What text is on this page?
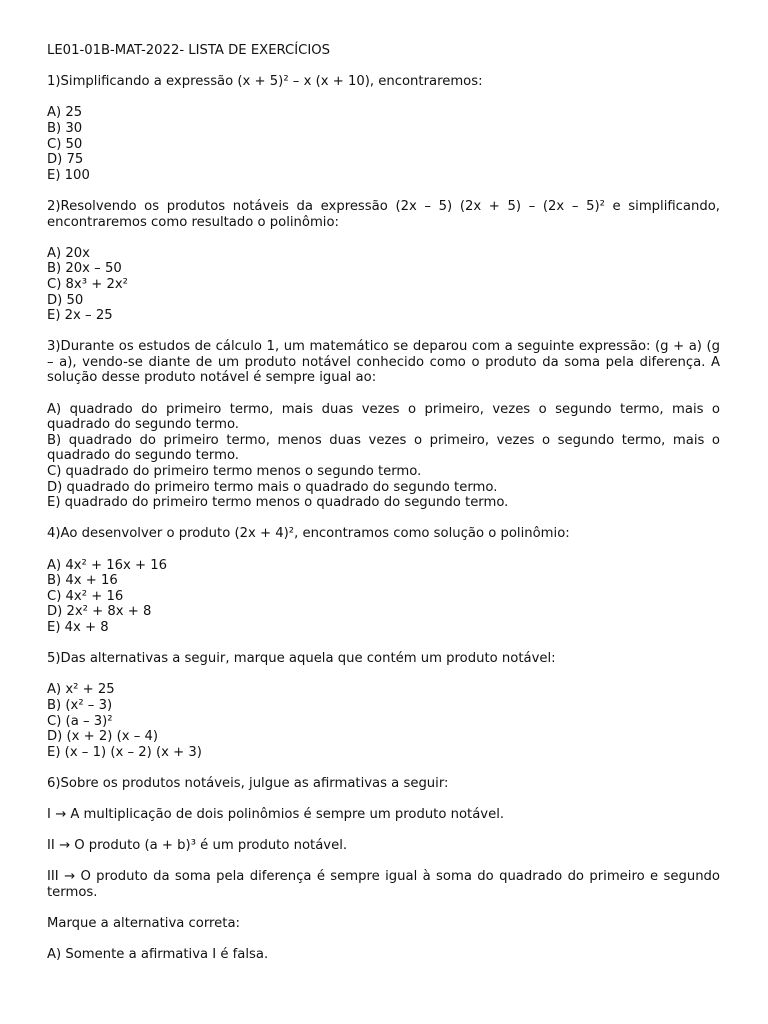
LE01-01B-MAT-2022- LISTA DE EXERCÍCIOS

1)Simplificando a expressão (x + 5)² – x (x + 10), encontraremos:

A) 25
B) 30
C) 50
D) 75
E) 100

2)Resolvendo os produtos notáveis da expressão (2x – 5) (2x + 5) – (2x – 5)² e simplificando, encontraremos como resultado o polinômio:

A) 20x
B) 20x – 50
C) 8x³ + 2x²
D) 50
E) 2x – 25

3)Durante os estudos de cálculo 1, um matemático se deparou com a seguinte expressão: (g + a) (g – a), vendo-se diante de um produto notável conhecido como o produto da soma pela diferença. A solução desse produto notável é sempre igual ao:

A) quadrado do primeiro termo, mais duas vezes o primeiro, vezes o segundo termo, mais o quadrado do segundo termo.
B) quadrado do primeiro termo, menos duas vezes o primeiro, vezes o segundo termo, mais o quadrado do segundo termo.
C) quadrado do primeiro termo menos o segundo termo.
D) quadrado do primeiro termo mais o quadrado do segundo termo.
E) quadrado do primeiro termo menos o quadrado do segundo termo.

4)Ao desenvolver o produto (2x + 4)², encontramos como solução o polinômio:

A) 4x² + 16x + 16
B) 4x + 16
C) 4x² + 16
D) 2x² + 8x + 8
E) 4x + 8

5)Das alternativas a seguir, marque aquela que contém um produto notável:

A) x² + 25
B) (x² – 3)
C) (a – 3)²
D) (x + 2) (x – 4)
E) (x – 1) (x – 2) (x + 3)

6)Sobre os produtos notáveis, julgue as afirmativas a seguir:

I → A multiplicação de dois polinômios é sempre um produto notável.

II → O produto (a + b)³ é um produto notável.

III → O produto da soma pela diferença é sempre igual à soma do quadrado do primeiro e segundo termos.

Marque a alternativa correta:

A) Somente a afirmativa I é falsa.
